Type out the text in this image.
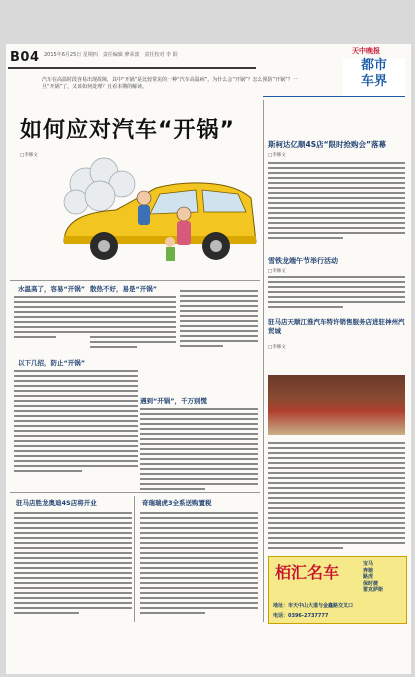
B04 2015年6月25日 星期四　责任编辑 廖荣波　责任校对 李 阳	天中晚报
都市
车界
汽车在高温时段容易出现故障，其中“开锅”是比较常见的一种“汽车高温病”。为什么会“开锅”？怎么预防“开锅”？一旦“开锅”了，又该如何处理？且看本期的解读。
如何应对汽车“开锅”
□李修文
水温高了，容易“开锅”
以下几招，防止“开锅”
散热不好，易是“开锅”
遇到“开锅”，千万别慌
驻马店胜龙奥迪4S店将开业	奇瑞瑞虎3全系送购置税
斯柯达亿顺4S店“限时抢购会”落幕
□李修文
雪铁龙端午节举行活动
□李修文
驻马店天顺江淮汽车特许销售服务店进驻神州汽贸城
□李修文
栢汇名车	宝马
奔驰
路虎
保时捷
雷克萨斯
地址：市天中山大道与金鑫路交叉口
电话：0396-2737777
